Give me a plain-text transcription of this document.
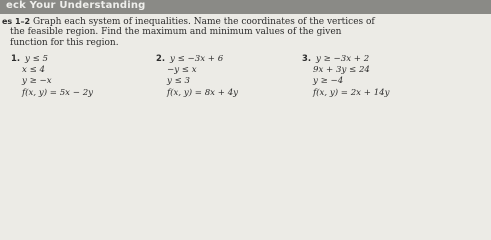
eck Your Understanding
es 1–2 Graph each system of inequalities. Name the coordinates of the vertices of
the feasible region. Find the maximum and minimum values of the given
function for this region.
1. y ≤ 5
x ≤ 4
y ≥ −x
f(x, y) = 5x − 2y
2. y ≤ −3x + 6
−y ≤ x
y ≤ 3
f(x, y) = 8x + 4y
3. y ≥ −3x + 2
9x + 3y ≤ 24
y ≥ −4
f(x, y) = 2x + 14y
